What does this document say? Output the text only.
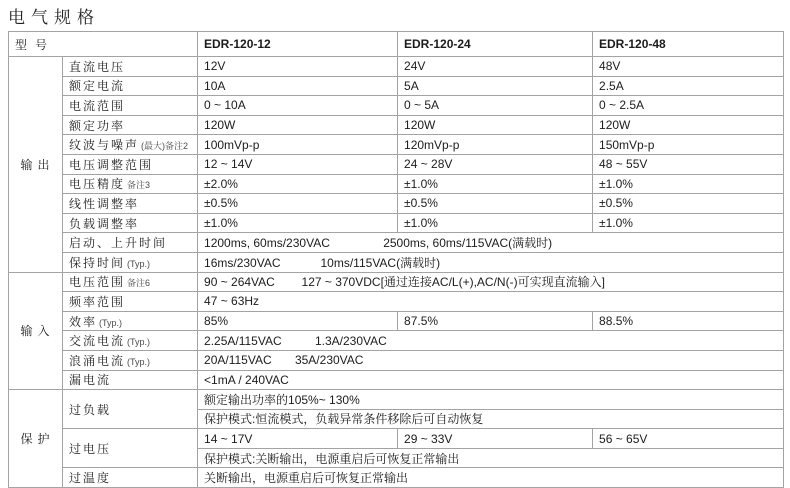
电气规格
型号		EDR-120-12	EDR-120-24	EDR-120-48
输出	直流电压	12V	24V	48V
	额定电流	10A	5A	2.5A
	电流范围	0 ~ 10A	0 ~ 5A	0 ~ 2.5A
	额定功率	120W	120W	120W
	纹波与噪声 (最大)备注2	100mVp-p	120mVp-p	150mVp-p
	电压调整范围	12 ~ 14V	24 ~ 28V	48 ~ 55V
	电压精度 备注3	±2.0%	±1.0%	±1.0%
	线性调整率	±0.5%	±0.5%	±0.5%
	负载调整率	±1.0%	±1.0%	±1.0%
	启动、上升时间	1200ms, 60ms/230VAC                2500ms, 60ms/115VAC(满载时)		
	保持时间 (Typ.)	16ms/230VAC            10ms/115VAC(满载时)		
输入	电压范围 备注6	90 ~ 264VAC        127 ~ 370VDC[通过连接AC/L(+),AC/N(-)可实现直流输入]		
	频率范围	47 ~ 63Hz		
	效率 (Typ.)	85%	87.5%	88.5%
	交流电流 (Typ.)	2.25A/115VAC          1.3A/230VAC		
	浪涌电流 (Typ.)	20A/115VAC       35A/230VAC		
	漏电流	<1mA / 240VAC		
保护	过负载	额定输出功率的105%~ 130%		
		保护模式:恒流模式，负载异常条件移除后可自动恢复		
	过电压	14 ~ 17V	29 ~ 33V	56 ~ 65V
		保护模式:关断输出，电源重启后可恢复正常输出		
	过温度	关断输出，电源重启后可恢复正常输出		
